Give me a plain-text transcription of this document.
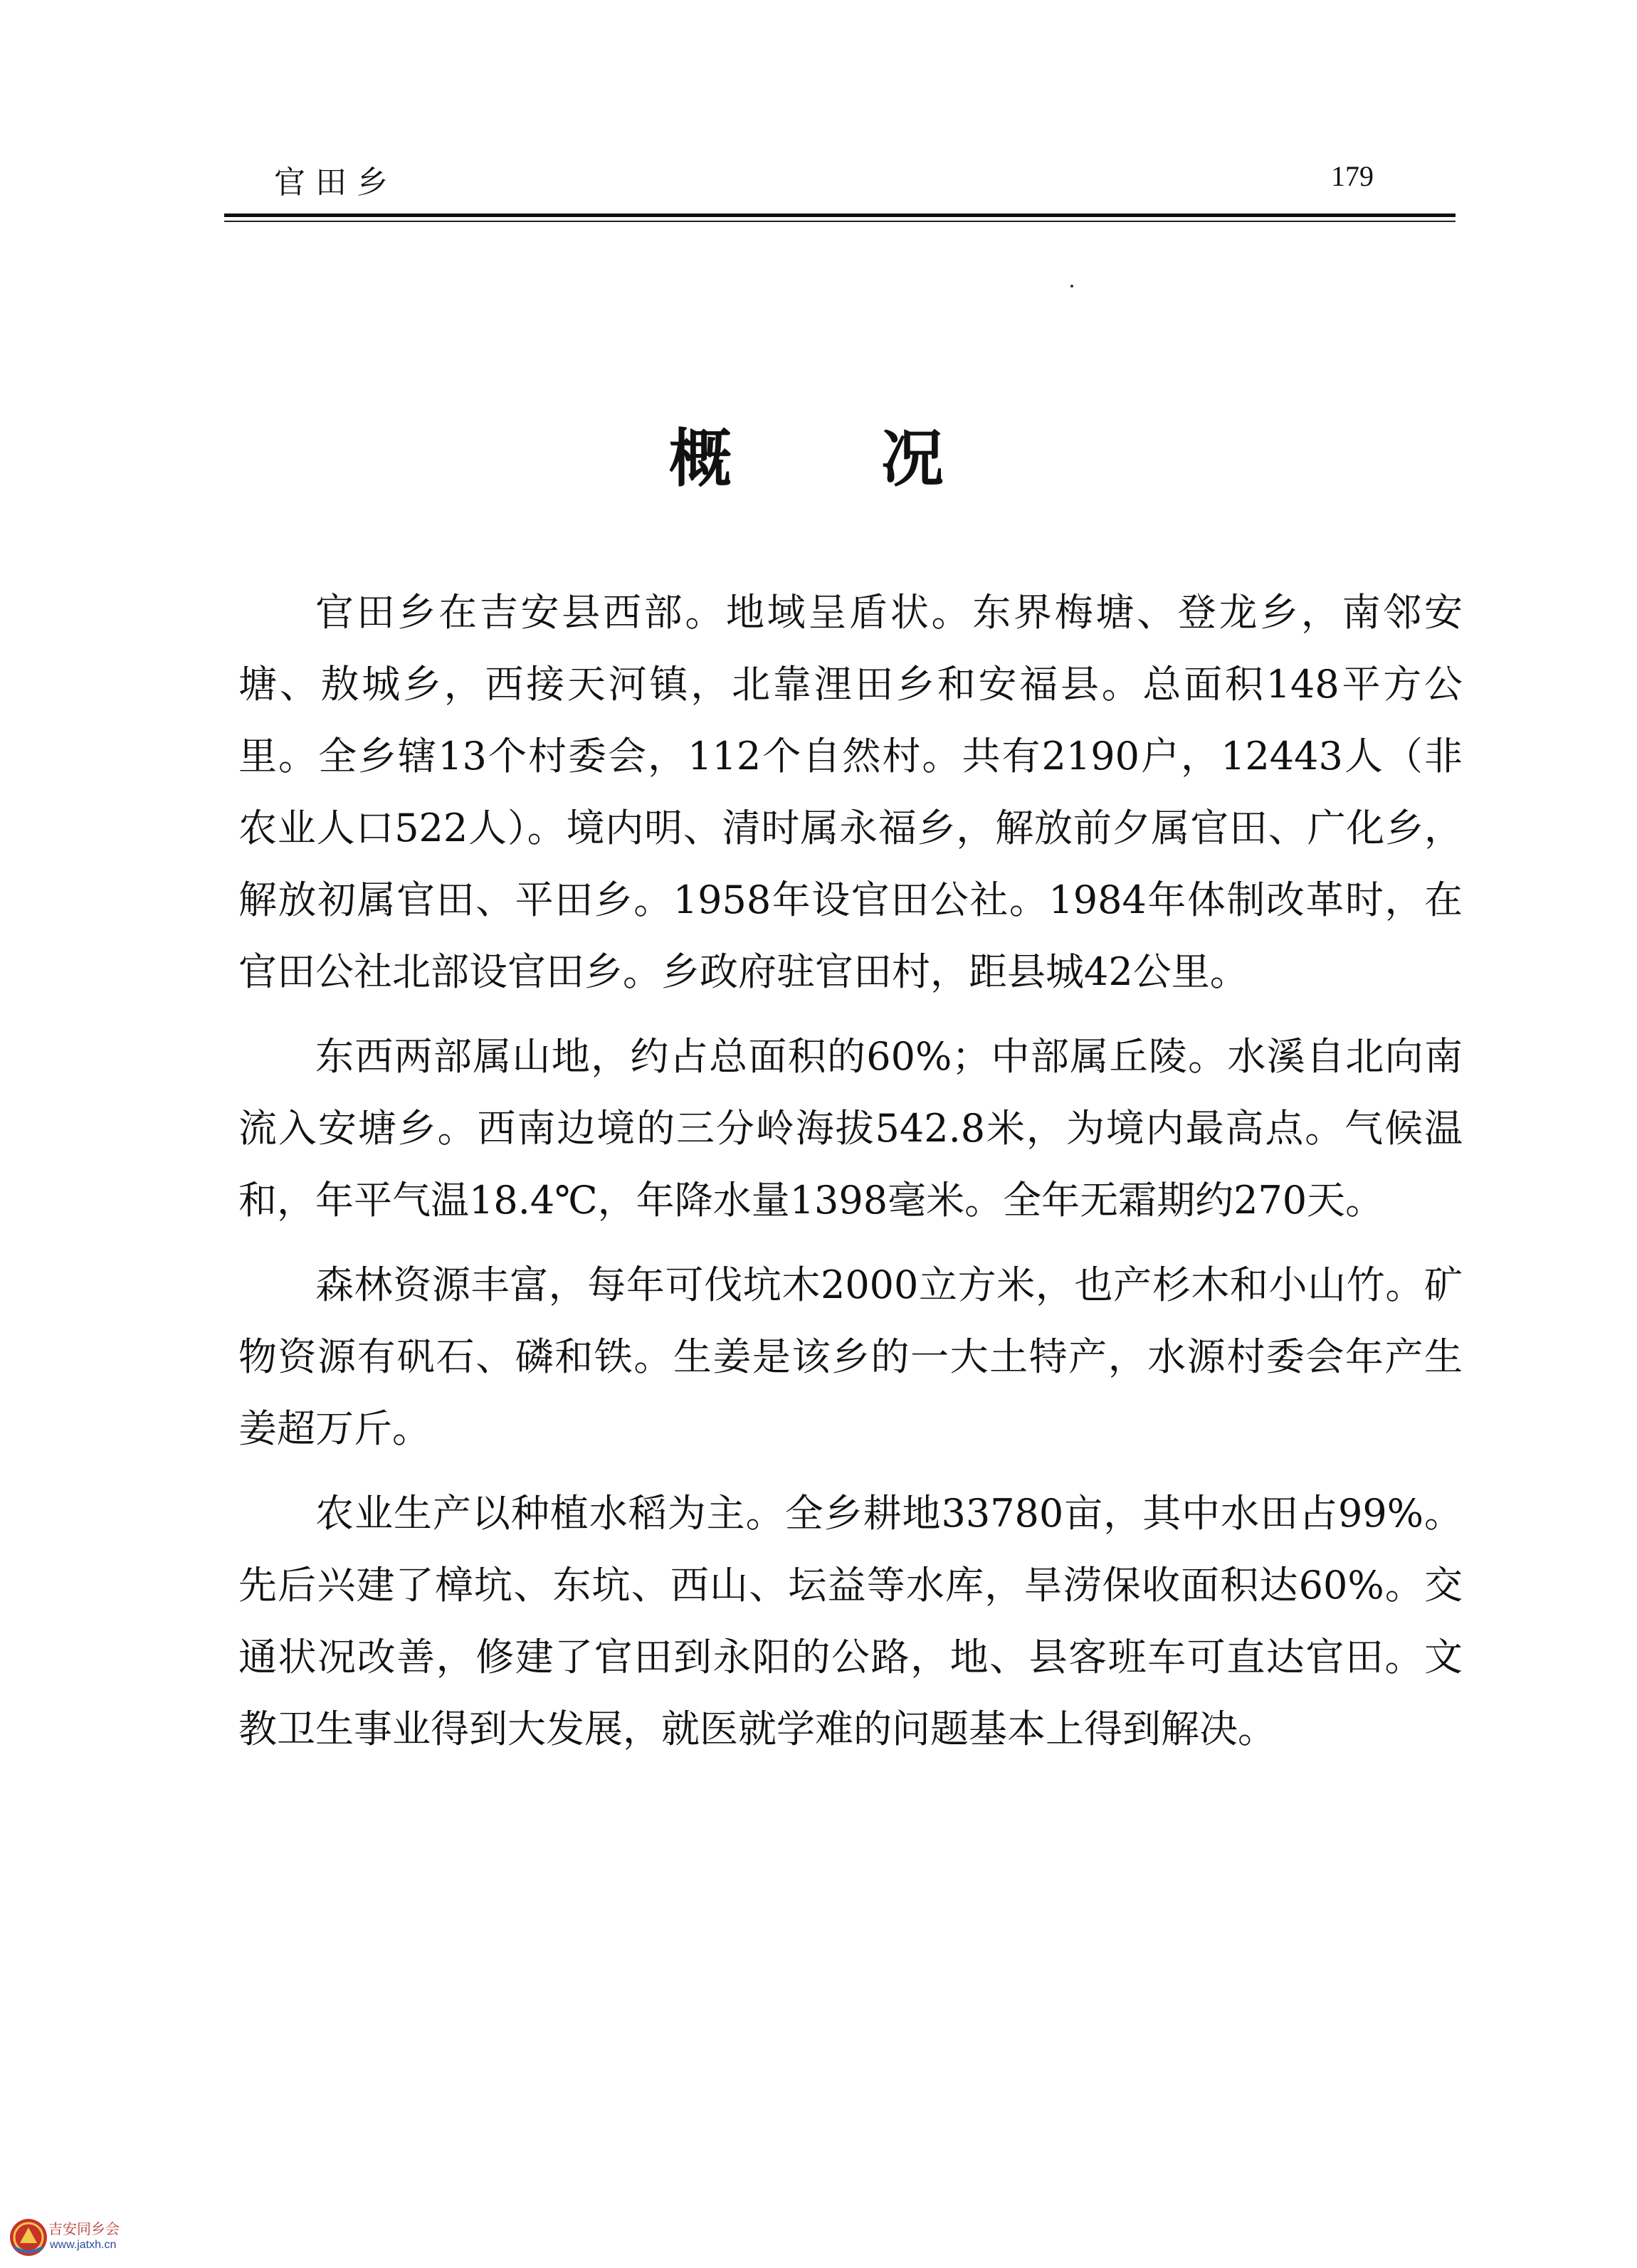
官田乡	179
概况

官田乡在吉安县西部。地域呈盾状。东界梅塘、登龙乡，南邻安塘、敖城乡，西接天河镇，北靠浬田乡和安福县。总面积148平方公里。全乡辖13个村委会，112个自然村。共有2190户，12443人（非农业人口522人）。境内明、清时属永福乡，解放前夕属官田、广化乡，解放初属官田、平田乡。1958年设官田公社。1984年体制改革时，在官田公社北部设官田乡。乡政府驻官田村，距县城42公里。

东西两部属山地，约占总面积的60%；中部属丘陵。水溪自北向南流入安塘乡。西南边境的三分岭海拔542.8米，为境内最高点。气候温和，年平气温18.4℃，年降水量1398毫米。全年无霜期约270天。

森林资源丰富，每年可伐坑木2000立方米，也产杉木和小山竹。矿物资源有矾石、磷和铁。生姜是该乡的一大土特产，水源村委会年产生姜超万斤。

农业生产以种植水稻为主。全乡耕地33780亩，其中水田占99%。先后兴建了樟坑、东坑、西山、坛益等水库，旱涝保收面积达60%。交通状况改善，修建了官田到永阳的公路，地、县客班车可直达官田。文教卫生事业得到大发展，就医就学难的问题基本上得到解决。

吉安同乡会
www.jatxh.cn
